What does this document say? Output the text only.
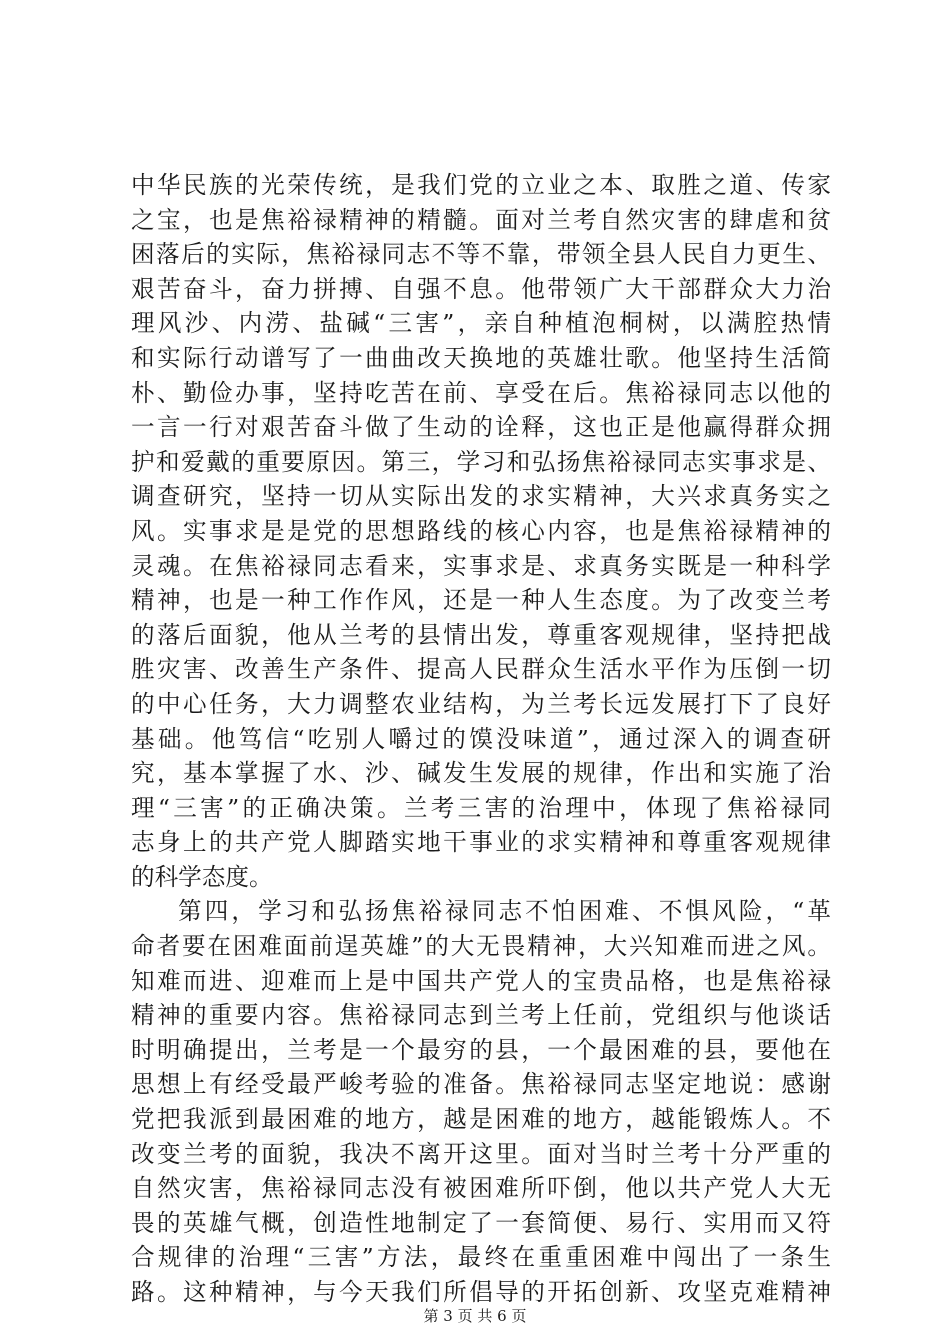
中华民族的光荣传统，是我们党的立业之本、取胜之道、传家
之宝，也是焦裕禄精神的精髓。面对兰考自然灾害的肆虐和贫
困落后的实际，焦裕禄同志不等不靠，带领全县人民自力更生、
艰苦奋斗，奋力拼搏、自强不息。他带领广大干部群众大力治
理风沙、内涝、盐碱“三害”，亲自种植泡桐树，以满腔热情
和实际行动谱写了一曲曲改天换地的英雄壮歌。他坚持生活简
朴、勤俭办事，坚持吃苦在前、享受在后。焦裕禄同志以他的
一言一行对艰苦奋斗做了生动的诠释，这也正是他赢得群众拥
护和爱戴的重要原因。第三，学习和弘扬焦裕禄同志实事求是、
调查研究，坚持一切从实际出发的求实精神，大兴求真务实之
风。实事求是是党的思想路线的核心内容，也是焦裕禄精神的
灵魂。在焦裕禄同志看来，实事求是、求真务实既是一种科学
精神，也是一种工作作风，还是一种人生态度。为了改变兰考
的落后面貌，他从兰考的县情出发，尊重客观规律，坚持把战
胜灾害、改善生产条件、提高人民群众生活水平作为压倒一切
的中心任务，大力调整农业结构，为兰考长远发展打下了良好
基础。他笃信“吃别人嚼过的馍没味道”，通过深入的调查研
究，基本掌握了水、沙、碱发生发展的规律，作出和实施了治
理“三害”的正确决策。兰考三害的治理中，体现了焦裕禄同
志身上的共产党人脚踏实地干事业的求实精神和尊重客观规律
的科学态度。
第四，学习和弘扬焦裕禄同志不怕困难、不惧风险，“革
命者要在困难面前逞英雄”的大无畏精神，大兴知难而进之风。
知难而进、迎难而上是中国共产党人的宝贵品格，也是焦裕禄
精神的重要内容。焦裕禄同志到兰考上任前，党组织与他谈话
时明确提出，兰考是一个最穷的县，一个最困难的县，要他在
思想上有经受最严峻考验的准备。焦裕禄同志坚定地说：感谢
党把我派到最困难的地方，越是困难的地方，越能锻炼人。不
改变兰考的面貌，我决不离开这里。面对当时兰考十分严重的
自然灾害，焦裕禄同志没有被困难所吓倒，他以共产党人大无
畏的英雄气概，创造性地制定了一套简便、易行、实用而又符
合规律的治理“三害”方法，最终在重重困难中闯出了一条生
路。这种精神，与今天我们所倡导的开拓创新、攻坚克难精神
第 3 页 共 6 页
